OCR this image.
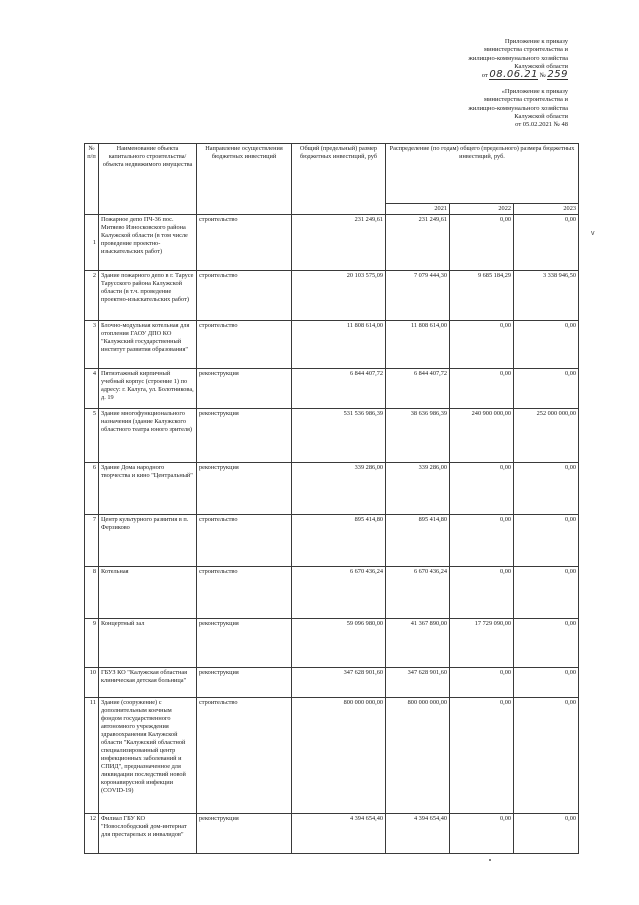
Приложение к приказу
министерства строительства и
жилищно-коммунального хозяйства
Калужской области
от 08.06.21 № 259
«Приложение к приказу
министерства строительства и
жилищно-коммунального хозяйства
Калужской области
от 05.02.2021 № 48
№ п/п	Наименование объекта капитального строительства/объекта недвижимого имущества	Направление осуществления бюджетных инвестиций	Общий (предельный) размер бюджетных инвестиций, руб	Распределение (по годам) общего (предельного) размера бюджетных инвестиций, руб.		
				2021	2022	2023
1	Пожарное депо ПЧ-36 пос. Митяево Износковского района Калужской области (в том числе проведение проектно-изыскательских работ)	строительство	231 249,61	231 249,61	0,00	0,00
2	Здание пожарного депо в г. Тарусе Тарусского района Калужской области (в т.ч. проведение проектно-изыскательских работ)	строительство	20 103 575,09	7 079 444,30	9 685 184,29	3 338 946,50
3	Блочно-модульная котельная для отопления ГАОУ ДПО КО "Калужский государственный институт развития образования"	строительство	11 808 614,00	11 808 614,00	0,00	0,00
4	Пятиэтажный кирпичный учебный корпус (строение 1) по адресу: г. Калуга, ул. Болотникова, д. 19	реконструкция	6 844 407,72	6 844 407,72	0,00	0,00
5	Здание многофункционального назначения (здание Калужского областного театра юного зрителя)	реконструкция	531 536 986,39	38 636 986,39	240 900 000,00	252 000 000,00
6	Здание Дома народного творчества и кино "Центральный"	реконструкция	339 286,00	339 286,00	0,00	0,00
7	Центр культурного развития в п. Ферзиково	строительство	895 414,80	895 414,80	0,00	0,00
8	Котельная	строительство	6 670 436,24	6 670 436,24	0,00	0,00
9	Концертный зал	реконструкция	59 096 980,00	41 367 890,00	17 729 090,00	0,00
10	ГБУЗ КО "Калужская областная клиническая детская больница"	реконструкция	347 628 901,60	347 628 901,60	0,00	0,00
11	Здание (сооружение) с дополнительным коечным фондом государственного автономного учреждения здравоохранения Калужской области "Калужский областной специализированный центр инфекционных заболеваний и СПИД", предназначенное для ликвидации последствий новой коронавирусной инфекции (COVID-19)	строительство	800 000 000,00	800 000 000,00	0,00	0,00
12	Филиал ГБУ КО "Новослободский дом-интернат для престарелых и инвалидов"	реконструкция	4 394 654,40	4 394 654,40	0,00	0,00
v
